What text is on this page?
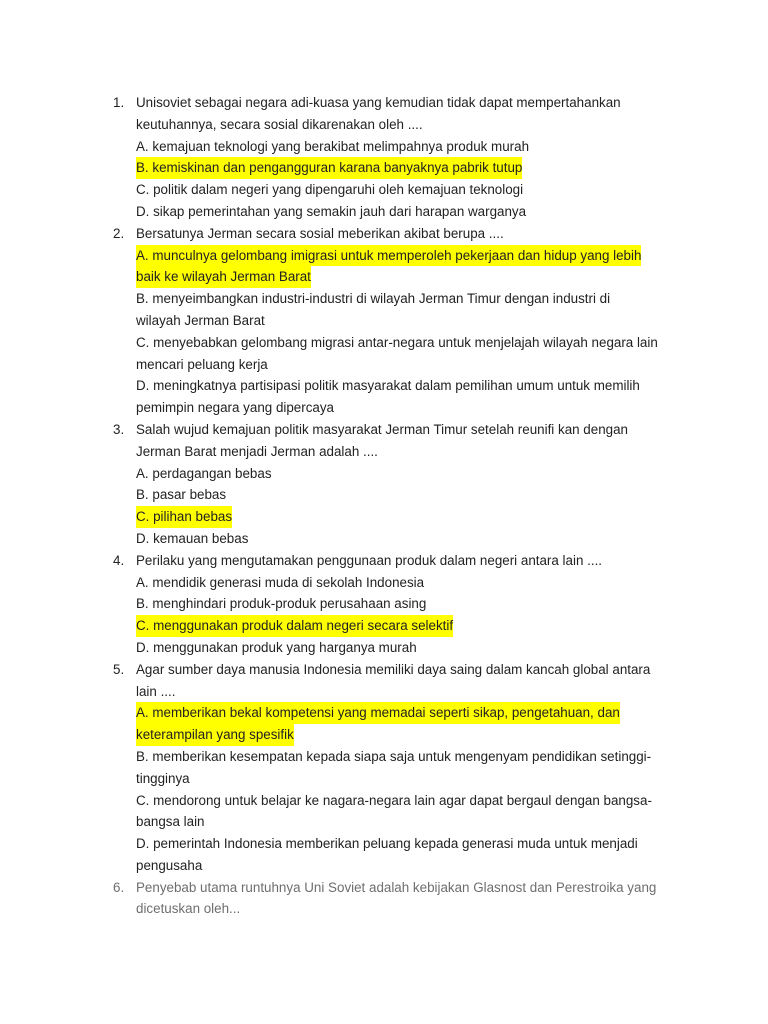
1. Unisoviet sebagai negara adi-kuasa yang kemudian tidak dapat mempertahankan
keutuhannya, secara sosial dikarenakan oleh ....
A. kemajuan teknologi yang berakibat melimpahnya produk murah
B. kemiskinan dan pengangguran karana banyaknya pabrik tutup
C. politik dalam negeri yang dipengaruhi oleh kemajuan teknologi
D. sikap pemerintahan yang semakin jauh dari harapan warganya
2. Bersatunya Jerman secara sosial meberikan akibat berupa ....
A. munculnya gelombang imigrasi untuk memperoleh pekerjaan dan hidup yang lebih
baik ke wilayah Jerman Barat
B. menyeimbangkan industri-industri di wilayah Jerman Timur dengan industri di
wilayah Jerman Barat
C. menyebabkan gelombang migrasi antar-negara untuk menjelajah wilayah negara lain
mencari peluang kerja
D. meningkatnya partisipasi politik masyarakat dalam pemilihan umum untuk memilih
pemimpin negara yang dipercaya
3. Salah wujud kemajuan politik masyarakat Jerman Timur setelah reunifi kan dengan
Jerman Barat menjadi Jerman adalah ....
A. perdagangan bebas
B. pasar bebas
C. pilihan bebas
D. kemauan bebas
4. Perilaku yang mengutamakan penggunaan produk dalam negeri antara lain ....
A. mendidik generasi muda di sekolah Indonesia
B. menghindari produk-produk perusahaan asing
C. menggunakan produk dalam negeri secara selektif
D. menggunakan produk yang harganya murah
5. Agar sumber daya manusia Indonesia memiliki daya saing dalam kancah global antara
lain ....
A. memberikan bekal kompetensi yang memadai seperti sikap, pengetahuan, dan
keterampilan yang spesifik
B. memberikan kesempatan kepada siapa saja untuk mengenyam pendidikan setinggi-
tingginya
C. mendorong untuk belajar ke nagara-negara lain agar dapat bergaul dengan bangsa-
bangsa lain
D. pemerintah Indonesia memberikan peluang kepada generasi muda untuk menjadi
pengusaha
6. Penyebab utama runtuhnya Uni Soviet adalah kebijakan Glasnost dan Perestroika yang
dicetuskan oleh...
